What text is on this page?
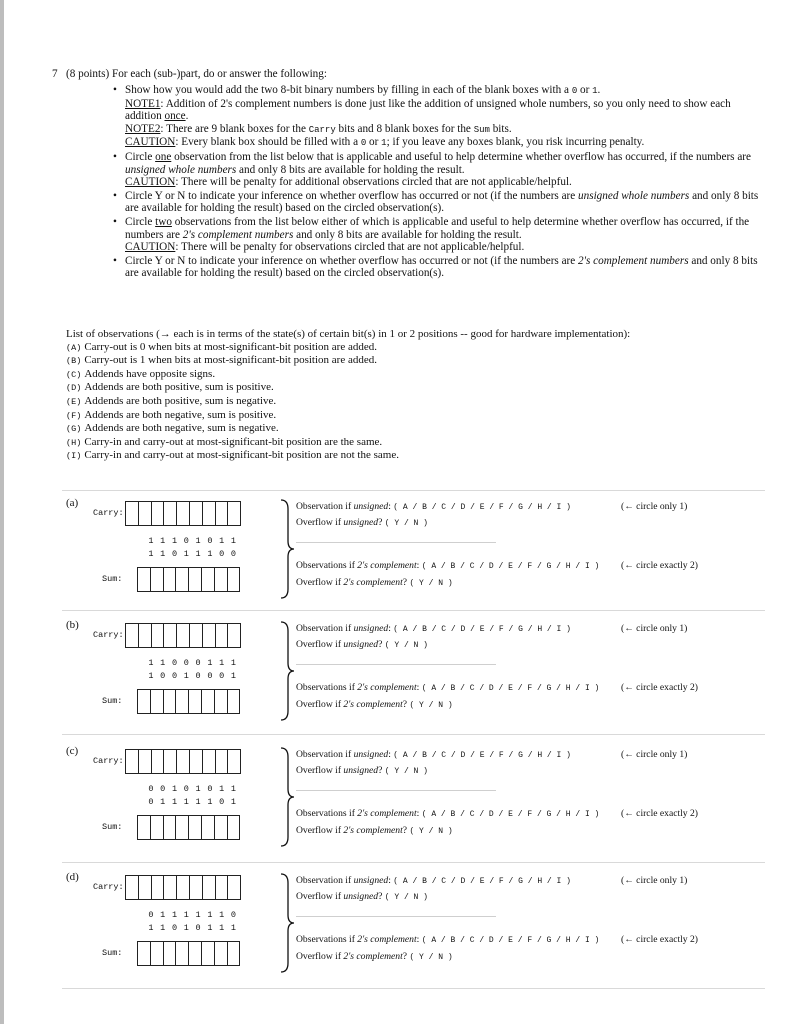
7 (8 points) For each (sub-)part, do or answer the following:
• Show how you would add the two 8-bit binary numbers by filling in each of the blank boxes with a 0 or 1.
NOTE1: Addition of 2's complement numbers is done just like the addition of unsigned whole numbers, so you only need to show each addition once.
NOTE2: There are 9 blank boxes for the Carry bits and 8 blank boxes for the Sum bits.
CAUTION: Every blank box should be filled with a 0 or 1; if you leave any boxes blank, you risk incurring penalty.
• Circle one observation from the list below that is applicable and useful to help determine whether overflow has occurred, if the numbers are unsigned whole numbers and only 8 bits are available for holding the result.
CAUTION: There will be penalty for additional observations circled that are not applicable/helpful.
• Circle Y or N to indicate your inference on whether overflow has occurred or not (if the numbers are unsigned whole numbers and only 8 bits are available for holding the result) based on the circled observation(s).
• Circle two observations from the list below either of which is applicable and useful to help determine whether overflow has occurred, if the numbers are 2's complement numbers and only 8 bits are available for holding the result.
CAUTION: There will be penalty for observations circled that are not applicable/helpful.
• Circle Y or N to indicate your inference on whether overflow has occurred or not (if the numbers are 2's complement numbers and only 8 bits are available for holding the result) based on the circled observation(s).
List of observations (→ each is in terms of the state(s) of certain bit(s) in 1 or 2 positions -- good for hardware implementation):
(A) Carry-out is 0 when bits at most-significant-bit position are added.
(B) Carry-out is 1 when bits at most-significant-bit position are added.
(C) Addends have opposite signs.
(D) Addends are both positive, sum is positive.
(E) Addends are both positive, sum is negative.
(F) Addends are both negative, sum is positive.
(G) Addends are both negative, sum is negative.
(H) Carry-in and carry-out at most-significant-bit position are the same.
(I) Carry-in and carry-out at most-significant-bit position are not the same.
(a)
Carry:
1 1 1 0 1 0 1 1
1 1 0 1 1 1 0 0
Sum:
Observation if unsigned: ( A / B / C / D / E / F / G / H / I )
Overflow if unsigned? ( Y / N )
Observations if 2's complement: ( A / B / C / D / E / F / G / H / I )
Overflow if 2's complement? ( Y / N )
(← circle only 1)
(← circle exactly 2)
(b)
Carry:
1 1 0 0 0 1 1 1
1 0 0 1 0 0 0 1
Sum:
Observation if unsigned: ( A / B / C / D / E / F / G / H / I )
Overflow if unsigned? ( Y / N )
Observations if 2's complement: ( A / B / C / D / E / F / G / H / I )
Overflow if 2's complement? ( Y / N )
(← circle only 1)
(← circle exactly 2)
(c)
Carry:
0 0 1 0 1 0 1 1
0 1 1 1 1 1 0 1
Sum:
Observation if unsigned: ( A / B / C / D / E / F / G / H / I )
Overflow if unsigned? ( Y / N )
Observations if 2's complement: ( A / B / C / D / E / F / G / H / I )
Overflow if 2's complement? ( Y / N )
(← circle only 1)
(← circle exactly 2)
(d)
Carry:
0 1 1 1 1 1 1 0
1 1 0 1 0 1 1 1
Sum:
Observation if unsigned: ( A / B / C / D / E / F / G / H / I )
Overflow if unsigned? ( Y / N )
Observations if 2's complement: ( A / B / C / D / E / F / G / H / I )
Overflow if 2's complement? ( Y / N )
(← circle only 1)
(← circle exactly 2)
